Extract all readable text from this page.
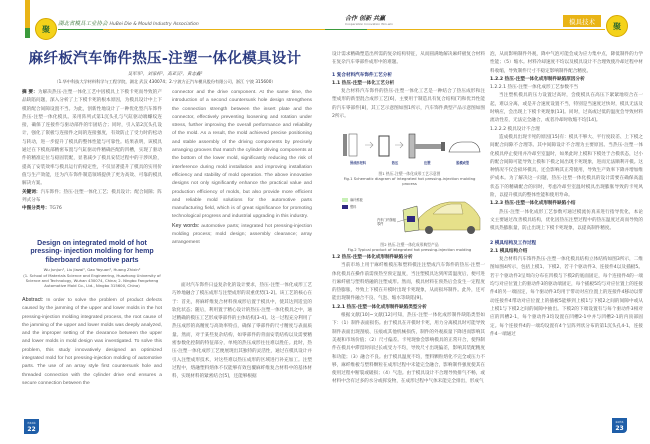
聚
湖北省模具工业协会 HuBei Die & Mould Industry Association
麻纤板汽车饰件热压-注塑一体化模具设计
吴军军¹，刘家梓¹，高亚沅²，黄志鑫²
（1.华中科技大学材料科学与工程学院，湖北 武汉 430074；2.宁波方正汽车模具股份有限公司，浙江 宁波 315600）
摘 要：为解决热压-注塑一体化工艺中因模具上下模卡死而导致的产品缺陷问题，深入分析了上下模卡死的根本原因，为模具设计中上下模的配合间隙设置不当。为此，创新性地设计了一种优化型汽车饰件热压-注塑一体化模具。采用阵列式第1沉头孔与气缸驱动端螺纹连接，确保了连接件与驱动部件的牢固结合；同时，引入第2沉头孔设计，强化了嵌板与连接件之间的连接强度，有效防止了受力时的松动与转动，进一步提升了模具的整体性能与可靠性。结果表明，该模具通过在下模底部精密布置与气缸驱动件精确匹配的凹槽，实现了驱动件的精准定位与稳固装配，显著减少了模具安装过程中的干涉风险，提高了安装效率与模具运行的稳定性，不仅显著提升了模具的实用价值与生产效能，还为汽车饰件制造领域提供了更为高效、可靠的模具解决方案。
关键词：汽车饰件；热压-注塑一体化工艺；模具设计；配合间隙；阵列式分布
中图分类号：TG76
Design on integrated mold of hot pressing- injection molding for hemp fiberboard automotive parts
Wu Junjun¹, Liu Jiazai¹, Gao Yayuan², Huang Zhixin²
(1. School of Materials Science and Engineering, Huazhong University of Science and Technology, Wuhan 430074, China; 2. Ningbo Fangzheng Automotive Mold Co., Ltd., Ningbo 315600, China)
Abstract: In order to solve the problem of product defects caused by the jamming of the upper and lower molds in the hot pressing-injection molding integrated process, the root cause of the jamming of the upper and lower molds was deeply analyzed, and the improper setting of the clearance between the upper and lower molds in mold design was investigated. To solve this problem, this study innovatively designed an optimized integrated mold for hot pressing-injection molding of automotive parts. The use of an array style first countersunk hole and threaded connection with the cylinder drive end ensures a secure connection between the
connector and the drive component. At the same time, the introduction of a second countersunk hole design strengthens the connection strength between the insert plate and the connector, effectively preventing loosening and rotation under stress, further improving the overall performance and reliability of the mold. As a result, the mold achieved precise positioning and stable assembly of the driving components by precisely arranging grooves that match the cylinder driving components at the bottom of the lower mold, significantly reducing the risk of interference during mold installation and improving installation efficiency and stability of mold operation. The above innovative designs not only significantly enhance the practical value and production efficiency of molds, but also provide more efficient and reliable mold solutions for the automotive parts manufacturing field, which is of great significance for promoting technological progress and industrial upgrading in this industry.
Key words: automotive parts; integrated hot pressing-injection molding process; mold design; assembly clearance; array arrangement
面对汽车饰件日益复杂化的设计要求，热压-注塑一体化成形工艺巧妙地融合了模压成形与注塑成形的双重优势[1-2]。该工艺的核心在于：首先，将麻纤维复合材料预成形后置于模具中，使其达到适宜的软化状态；随后，利用置于精心设计的热压-注塑一体化模具之中，通过精确的模压工艺形成零部件的主体结构[3-4]。这一过程充分利用了热压成形的高精度与高效率特点，确保了零部件的尺寸精度与表面质量。然而，对于某些复杂结构，如零部件的背面安装结构以及需要精密参数化控制的特征部分，单纯的热压成形往往难以胜任。此时，热压-注塑一体化成形工艺便展现出其独特的灵活性，通过在模具设计并引入注塑成形技术，对这些难以热压成形的区域进行补充加工。注塑过程中，熔融塑料熔体不仅能够有效包覆麻纤维复合材料中的基体材料，实现材料的紧密结合[5]，还能够根据
模具制造
22
合作 创新 共赢
Cooperation Innovation Win-win	模具技术	聚
设计需求精确塑造出所需的复杂结构特征，从而圆满地解决麻纤板复合材料在复杂汽车零部件成形中的难题。
1 复合材料汽车饰件工艺分析
1.1 热压-注塑一体化工艺分析
复合材料汽车饰件的热压-注塑一体化工艺是一种结合了热压成形和注塑成形的新型混合成形工艺[6]，主要用于制造具有复合结构[7]和优异性能的汽车零部件[8]，其工艺示意图如图1所示，汽车饰件典型产品示意图如图2所示。
预成形坯料	热压	注塑	脱模成型
图1 热压-注塑一体化成形工艺示意图
Fig.1 Schematic diagram of integrated hot pressing-injection molding process
麻纤维板
塑料
汽车门内饰板零件
图2 热压-注塑一体化成形典型产品
Fig.2 Typical product of integrated hot pressing-injection molding
1.2 热压-注塑一体化成形制件缺陷分析
当前市场上用于麻纤维模压和塑料模注注塑成汽车饰件的热压-注塑一体化模具在操作前需预热至预定温度，当注塑模具达到所需温度后，便可进行麻纤板与塑料熔融的注塑成形。然而，模具材料在预热后会发生一定程度的热膨胀，导致上下模在开模时出现卡死现象，从而损坏制件。此外，还可能出现制件融合不良、气泡、缩水等缺陷[9]。
1.2.1 热压-注塑一体化成形制件缺陷类型分析
根据文献[10]~文献[12]可知，热压-注塑一体化成形制件缺陷类型如下：（1）制件表面损伤。由于模具在开模时卡死，用力分离模具时可能导致制件表面出现刮痕、压痕或其他机械损伤，制件的外观质量下降进而影响其美观和市场价值；（2）尺寸偏差。卡死现象会影响模具的正常开合，使得制件在模具中滞留时间过长或受力不均，导致尺寸出现偏差，影响其装配精度和功能；（3）融合不良。由于模具温度不均，塑料颗粒熔化不完全或压力不够，麻纤维板与塑料颗粒在成形过程中未能完全融合，影响制件强度使其在使用过程中断裂或破损；（4）气泡。由于模具设计不合理导致排气不畅，或材料中含有过多的水分或挥发物，在成形过程中气体未能完全排出，形成气
泡，从而影响制件外观，降中气泡可能会成为应力集中点，降低制件的力学性能；（5）缩水。材料冷却速度不均以及模具设计不合理致使冷却过程中材料收缩，导致制件尺寸不稳定影响制件配合精度。
1.2.2 热压-注塑一体化成形制件缺陷原因分析
1.2.2.1 热压-注塑一体化成形工艺参数不当
当注塑机模具的压力设置过高时，会使模具在高压下紧紧地咬合在一起，难以分离，或是开合速度设置不当，特别是当速度过快时，模具无法及时响应，会出现上下模卡死现象[13]。同时，过高或过低的温度会导致材料流动性差，无法完全融合，或者冷却时收缩不均[14]。
1.2.2.2 模具设计不合理
造成模具出现卡死的原因[15]有：模具不够大、平行度较差、上下模之间配合间隙不合理等。其中间隙设计不合理为主要原因。当热压-注塑一体化模具停止使用并冷却至室温时，如果此时上模和下模处于合模状态，过小的配合间隙可能导致上模和下模之间出现卡死现象，进而无法顺利开模。这种情况不仅会损坏模具，还会影响其正常使用，导致生产效率下降并增加维护成本。为了解决这一问题，热压-注塑一体化模具的设计需要在确保高温状态下的精确配合的同时，考虑冷却至室温时模具出现膨胀导致的卡死风险，以提升模具的整体性能和使用寿命。
1.2.3 热压-注塑一体化成形制件缺陷小结
热压-注塑一体化成形工艺参数可通过模流仿真来进行指导优化，本论文主要通过改善模具结构，优化因热压注塑过程中的热压温度过高而导致的模具热膨胀量，防止出现上下模卡死现象，以提高制件精度。
2 模具结构及工作过程
2.1 模具结构介绍
复合材料汽车饰件热压-注塑一体化模具结构立体结构如图3所示，二维图如图4所示，包括上模1、下模2、若干个驱动件3、连接件4以及插板5。若干个驱动件3呈周向分布在凹模与下模2的底面固定，每个连接件4的一端均与对应位置上的驱动件3的驱动端固定，每个插板5均与对应位置上的连接件4的另一端固定，每个驱动件3均用于带动对应位置上的连接件4移动以带动连接件4带动对应位置上的插板5能够到上模1与下模2之间的间隙中或从上模1与下模2之间的间隙中抽出。下模2的下端设置有与每个驱动件3相对应的凹槽2-1，每个驱动件3均设置在凹槽2-1中并与凹槽2-1的内顶部固定。每个连接件4的一端均设置有4个呈阵列状分布的第1沉头孔4-1，连接件4一端通过
湖北模具
23
